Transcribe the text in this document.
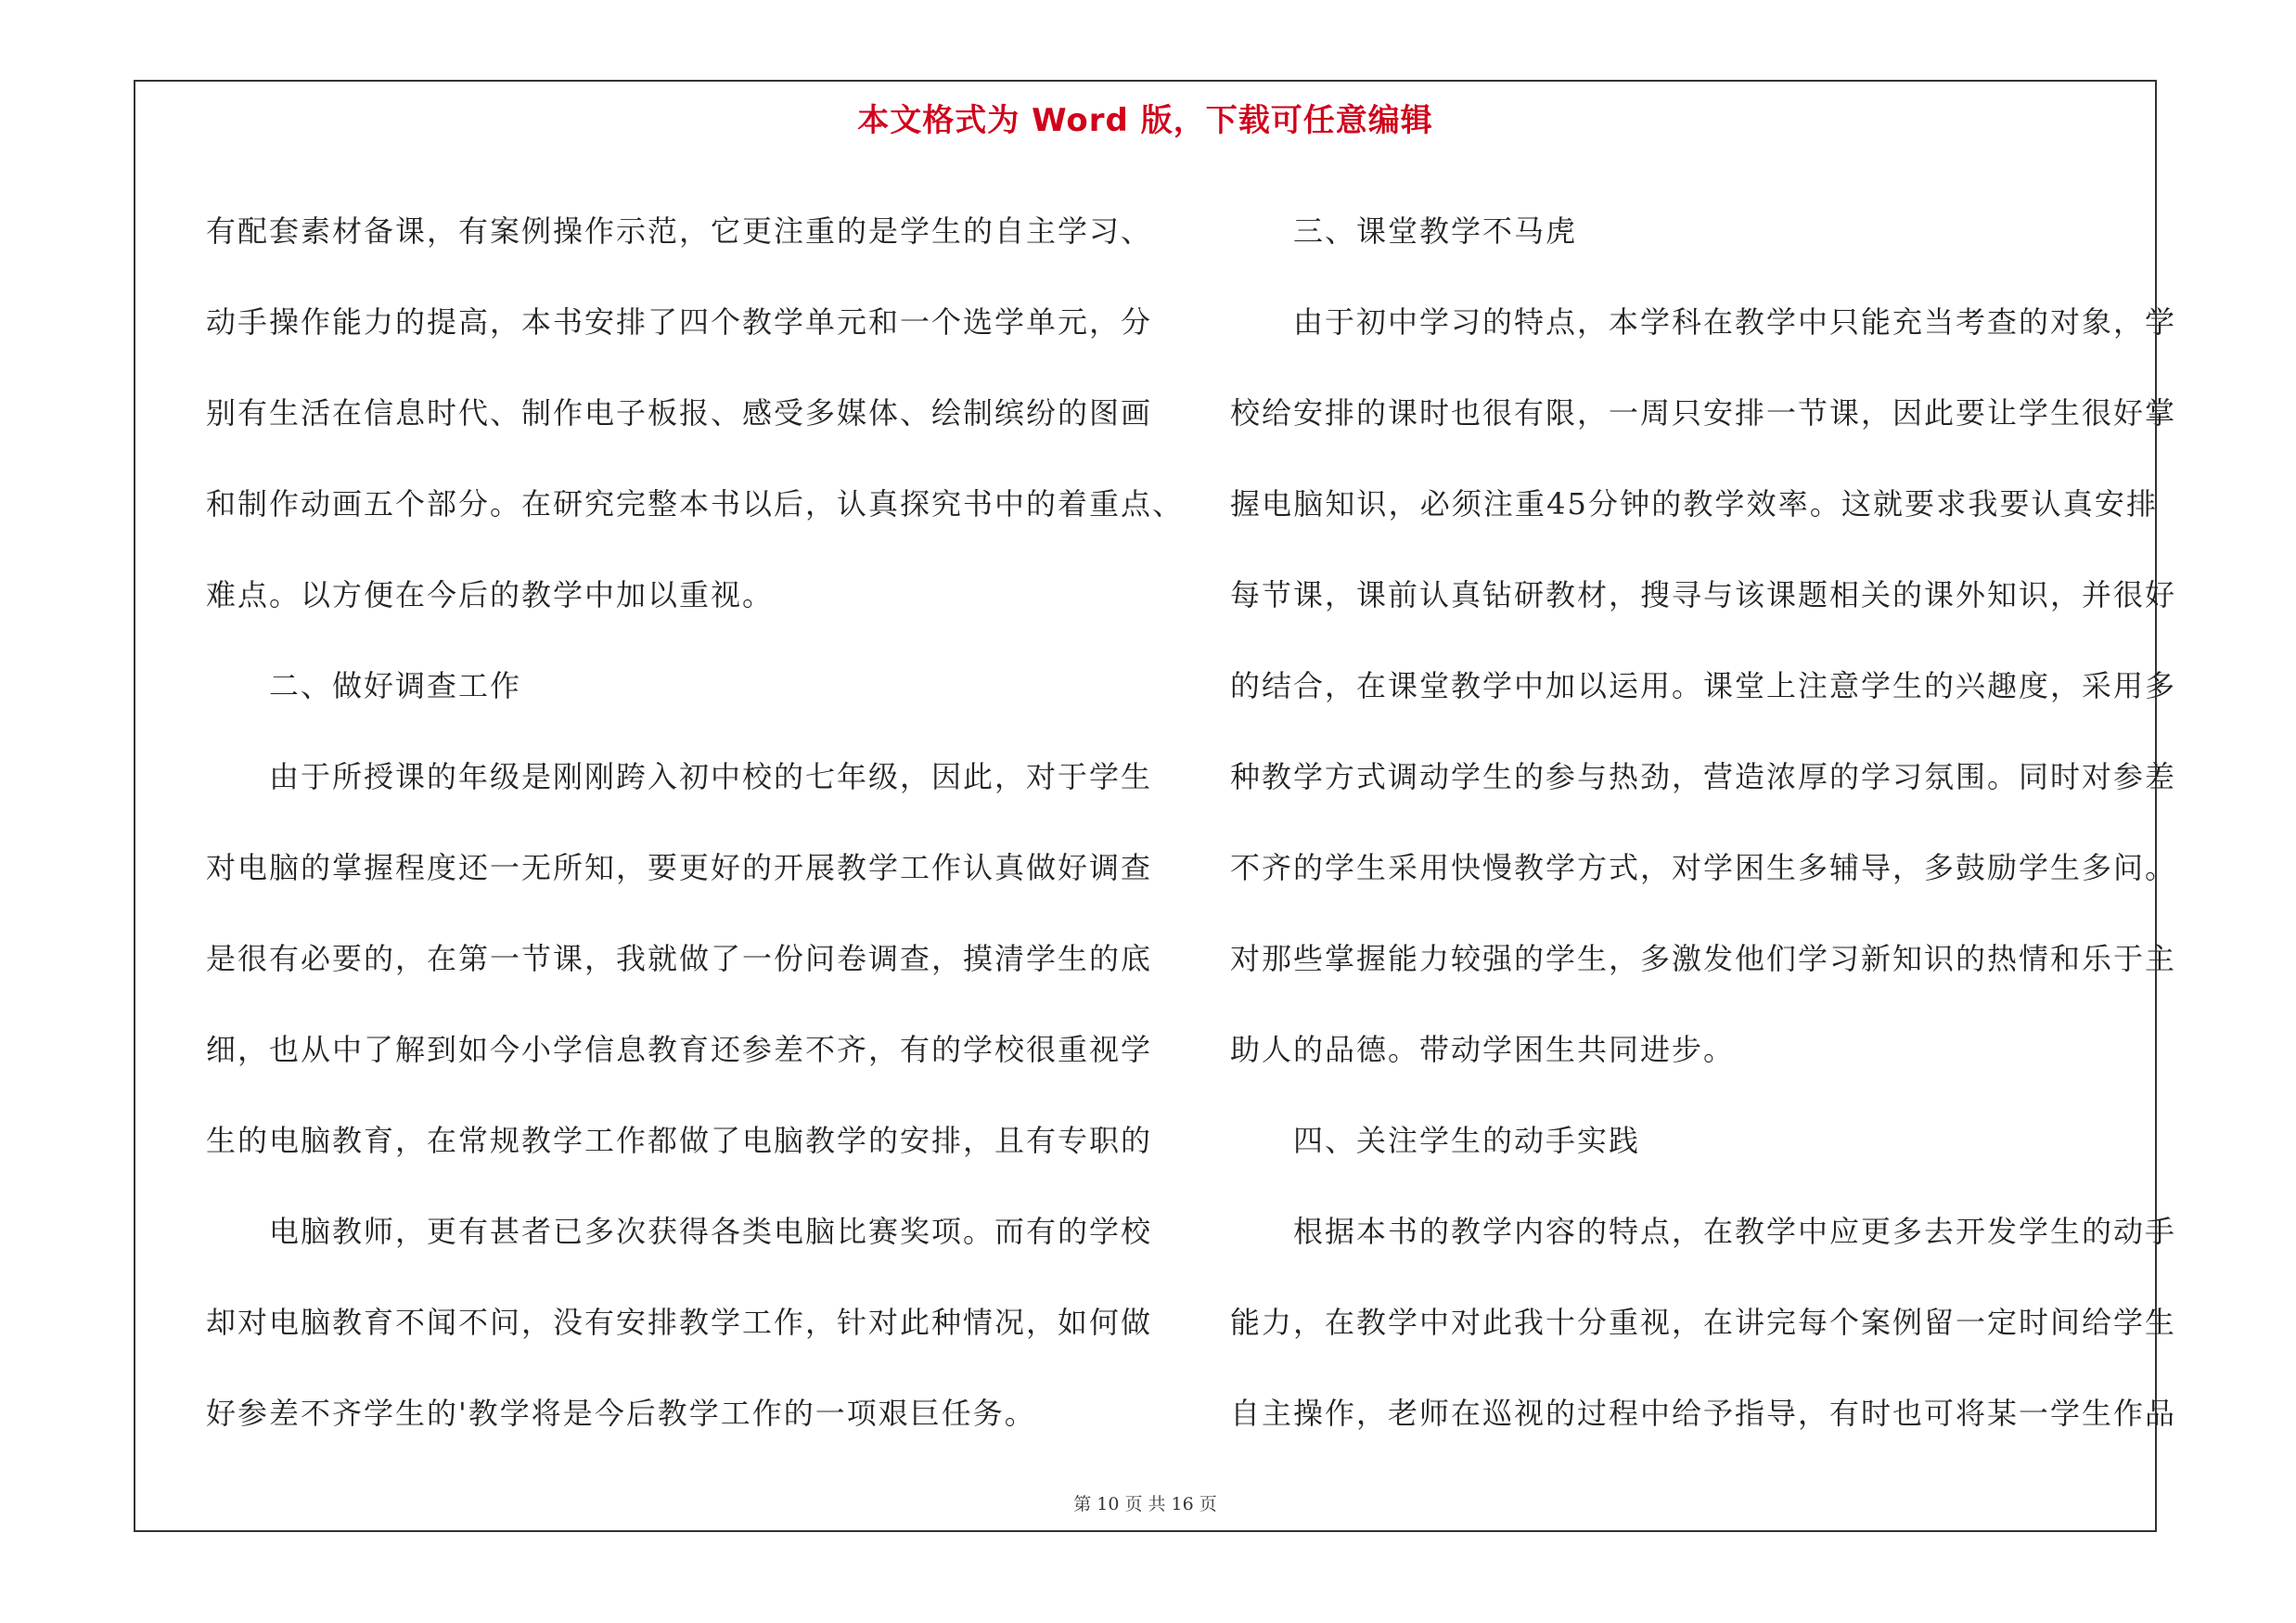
本文格式为 Word 版，下载可任意编辑
有配套素材备课，有案例操作示范，它更注重的是学生的自主学习、
动手操作能力的提高，本书安排了四个教学单元和一个选学单元，分
别有生活在信息时代、制作电子板报、感受多媒体、绘制缤纷的图画
和制作动画五个部分。在研究完整本书以后，认真探究书中的着重点、
难点。以方便在今后的教学中加以重视。
二、做好调查工作
由于所授课的年级是刚刚跨入初中校的七年级，因此，对于学生
对电脑的掌握程度还一无所知，要更好的开展教学工作认真做好调查
是很有必要的，在第一节课，我就做了一份问卷调查，摸清学生的底
细，也从中了解到如今小学信息教育还参差不齐，有的学校很重视学
生的电脑教育，在常规教学工作都做了电脑教学的安排，且有专职的
电脑教师，更有甚者已多次获得各类电脑比赛奖项。而有的学校
却对电脑教育不闻不问，没有安排教学工作，针对此种情况，如何做
好参差不齐学生的'教学将是今后教学工作的一项艰巨任务。
三、课堂教学不马虎
由于初中学习的特点，本学科在教学中只能充当考查的对象，学
校给安排的课时也很有限，一周只安排一节课，因此要让学生很好掌
握电脑知识，必须注重45分钟的教学效率。这就要求我要认真安排
每节课，课前认真钻研教材，搜寻与该课题相关的课外知识，并很好
的结合，在课堂教学中加以运用。课堂上注意学生的兴趣度，采用多
种教学方式调动学生的参与热劲，营造浓厚的学习氛围。同时对参差
不齐的学生采用快慢教学方式，对学困生多辅导，多鼓励学生多问。
对那些掌握能力较强的学生，多激发他们学习新知识的热情和乐于主
助人的品德。带动学困生共同进步。
四、关注学生的动手实践
根据本书的教学内容的特点，在教学中应更多去开发学生的动手
能力，在教学中对此我十分重视，在讲完每个案例留一定时间给学生
自主操作，老师在巡视的过程中给予指导，有时也可将某一学生作品
第 10 页 共 16 页
